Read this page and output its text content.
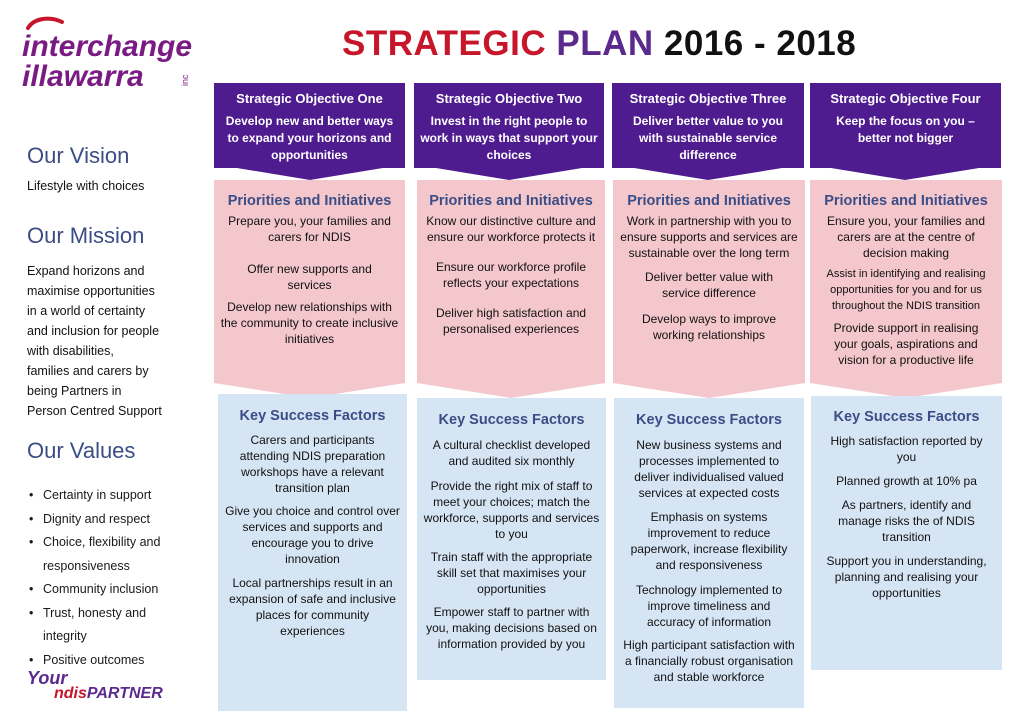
interchange
illawarra	inc
STRATEGIC PLAN 2016 - 2018
Our Vision
Lifestyle with choices
Our Mission
Expand horizons and
maximise opportunities
in a world of certainty
and inclusion for people
with disabilities,
families and carers by
being Partners in
Person Centred Support
Our Values
• Certainty in support
• Dignity and respect
• Choice, flexibility and responsiveness
• Community inclusion
• Trust, honesty and integrity
• Positive outcomes
Your
ndisPARTNER
Strategic Objective One
Develop new and better ways to expand your horizons and opportunities
Priorities and Initiatives
Prepare you, your families and carers for NDIS
Offer new supports and services
Develop new relationships with the community to create inclusive initiatives
Key Success Factors
Carers and participants attending NDIS preparation workshops have a relevant transition plan
Give you choice and control over services and supports and encourage you to drive innovation
Local partnerships result in an expansion of safe and inclusive places for community experiences
Strategic Objective Two
Invest in the right people to work in ways that support your choices
Priorities and Initiatives
Know our distinctive culture and ensure our workforce protects it
Ensure our workforce profile reflects your expectations
Deliver high satisfaction and personalised experiences
Key Success Factors
A cultural checklist developed and audited six monthly
Provide the right mix of staff to meet your choices; match the workforce, supports and services to you
Train staff with the appropriate skill set that maximises your opportunities
Empower staff to partner with you, making decisions based on information provided by you
Strategic Objective Three
Deliver better value to you with sustainable service difference
Priorities and Initiatives
Work in partnership with you to ensure supports and services are sustainable over the long term
Deliver better value with service difference
Develop ways to improve working relationships
Key Success Factors
New business systems and processes implemented to deliver individualised valued services at expected costs
Emphasis on systems improvement to reduce paperwork, increase flexibility and responsiveness
Technology implemented to improve timeliness and accuracy of information
High participant satisfaction with a financially robust organisation and stable workforce
Strategic Objective Four
Keep the focus on you – better not bigger
Priorities and Initiatives
Ensure you, your families and carers are at the centre of decision making
Assist in identifying and realising opportunities for you and for us throughout the NDIS transition
Provide support in realising your goals, aspirations and vision for a productive life
Key Success Factors
High satisfaction reported by you
Planned growth at 10% pa
As partners, identify and manage risks the of NDIS transition
Support you in understanding, planning and realising your opportunities
